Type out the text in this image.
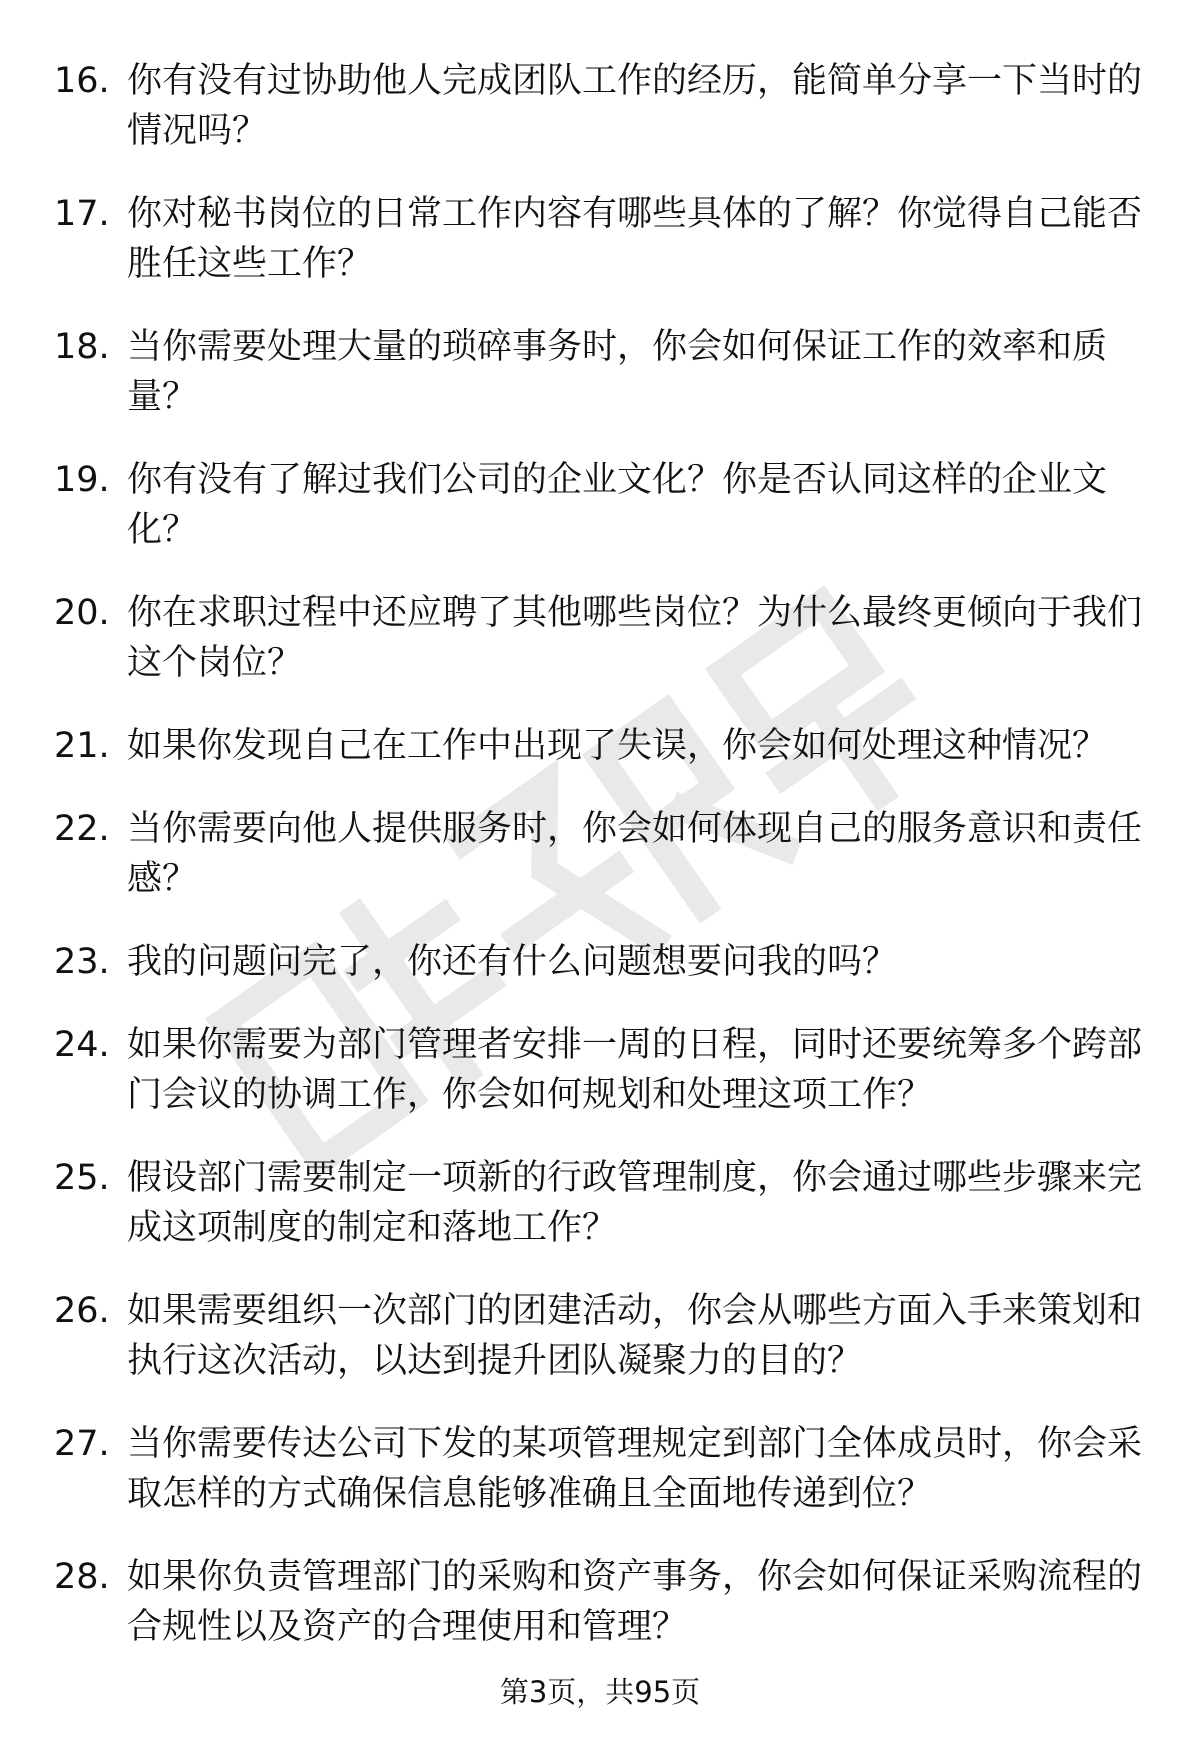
16. 你有没有过协助他人完成团队工作的经历，能简单分享一下当时的情况吗？
17. 你对秘书岗位的日常工作内容有哪些具体的了解？你觉得自己能否胜任这些工作？
18. 当你需要处理大量的琐碎事务时，你会如何保证工作的效率和质量？
19. 你有没有了解过我们公司的企业文化？你是否认同这样的企业文化？
20. 你在求职过程中还应聘了其他哪些岗位？为什么最终更倾向于我们这个岗位？
21. 如果你发现自己在工作中出现了失误，你会如何处理这种情况？
22. 当你需要向他人提供服务时，你会如何体现自己的服务意识和责任感？
23. 我的问题问完了，你还有什么问题想要问我的吗？
24. 如果你需要为部门管理者安排一周的日程，同时还要统筹多个跨部门会议的协调工作，你会如何规划和处理这项工作？
25. 假设部门需要制定一项新的行政管理制度，你会通过哪些步骤来完成这项制度的制定和落地工作？
26. 如果需要组织一次部门的团建活动，你会从哪些方面入手来策划和执行这次活动，以达到提升团队凝聚力的目的？
27. 当你需要传达公司下发的某项管理规定到部门全体成员时，你会采取怎样的方式确保信息能够准确且全面地传递到位？
28. 如果你负责管理部门的采购和资产事务，你会如何保证采购流程的合规性以及资产的合理使用和管理？
第3页，共95页
